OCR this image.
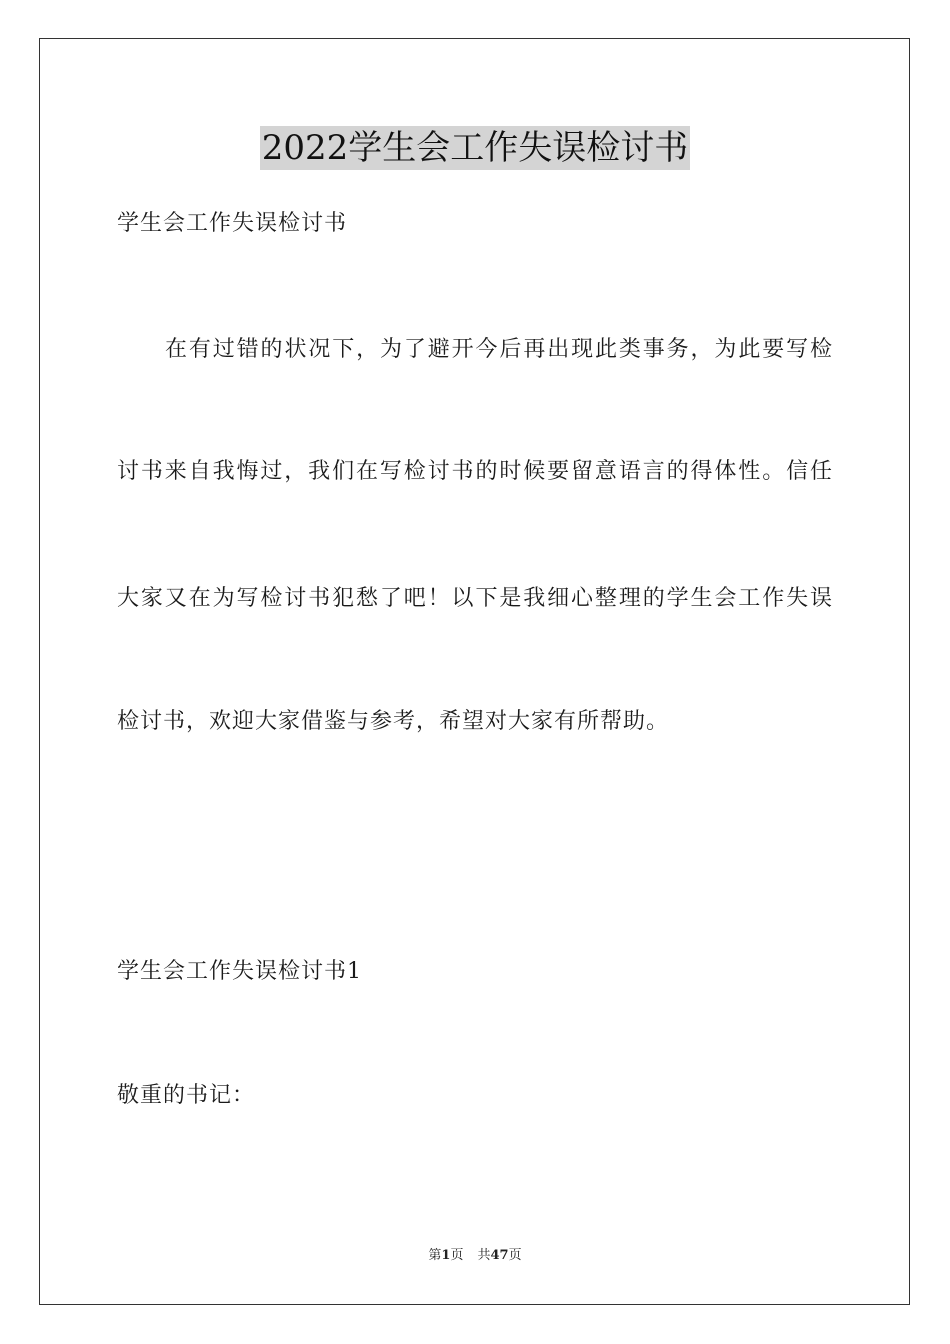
2022学生会工作失误检讨书
学生会工作失误检讨书
在有过错的状况下，为了避开今后再出现此类事务，为此要写检
讨书来自我悔过，我们在写检讨书的时候要留意语言的得体性。信任
大家又在为写检讨书犯愁了吧！以下是我细心整理的学生会工作失误
检讨书，欢迎大家借鉴与参考，希望对大家有所帮助。
学生会工作失误检讨书1
敬重的书记：
第1页 共47页
